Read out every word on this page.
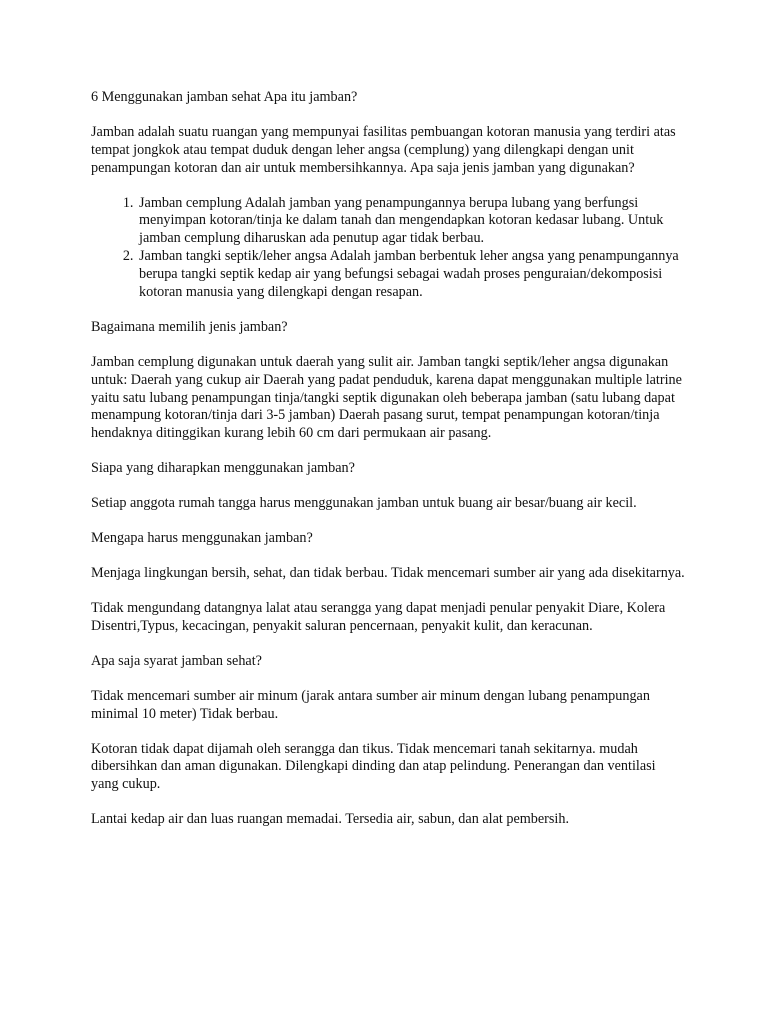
6 Menggunakan jamban sehat Apa itu jamban?

Jamban adalah suatu ruangan yang mempunyai fasilitas pembuangan kotoran manusia yang terdiri atas tempat jongkok atau tempat duduk dengan leher angsa (cemplung) yang dilengkapi dengan unit penampungan kotoran dan air untuk membersihkannya. Apa saja jenis jamban yang digunakan?

1. Jamban cemplung Adalah jamban yang penampungannya berupa lubang yang berfungsi menyimpan kotoran/tinja ke dalam tanah dan mengendapkan kotoran kedasar lubang. Untuk jamban cemplung diharuskan ada penutup agar tidak berbau.
2. Jamban tangki septik/leher angsa Adalah jamban berbentuk leher angsa yang penampungannya berupa tangki septik kedap air yang befungsi sebagai wadah proses penguraian/dekomposisi kotoran manusia yang dilengkapi dengan resapan.

Bagaimana memilih jenis jamban?

Jamban cemplung digunakan untuk daerah yang sulit air. Jamban tangki septik/leher angsa digunakan untuk: Daerah yang cukup air Daerah yang padat penduduk, karena dapat menggunakan multiple latrine yaitu satu lubang penampungan tinja/tangki septik digunakan oleh beberapa jamban (satu lubang dapat menampung kotoran/tinja dari 3-5 jamban) Daerah pasang surut, tempat penampungan kotoran/tinja hendaknya ditinggikan kurang lebih 60 cm dari permukaan air pasang.

Siapa yang diharapkan menggunakan jamban?

Setiap anggota rumah tangga harus menggunakan jamban untuk buang air besar/buang air kecil.

Mengapa harus menggunakan jamban?

Menjaga lingkungan bersih, sehat, dan tidak berbau. Tidak mencemari sumber air yang ada disekitarnya.

Tidak mengundang datangnya lalat atau serangga yang dapat menjadi penular penyakit Diare, Kolera Disentri,Typus, kecacingan, penyakit saluran pencernaan, penyakit kulit, dan keracunan.

Apa saja syarat jamban sehat?

Tidak mencemari sumber air minum (jarak antara sumber air minum dengan lubang penampungan minimal 10 meter) Tidak berbau.

Kotoran tidak dapat dijamah oleh serangga dan tikus. Tidak mencemari tanah sekitarnya. mudah dibersihkan dan aman digunakan. Dilengkapi dinding dan atap pelindung. Penerangan dan ventilasi yang cukup.

Lantai kedap air dan luas ruangan memadai. Tersedia air, sabun, dan alat pembersih.
